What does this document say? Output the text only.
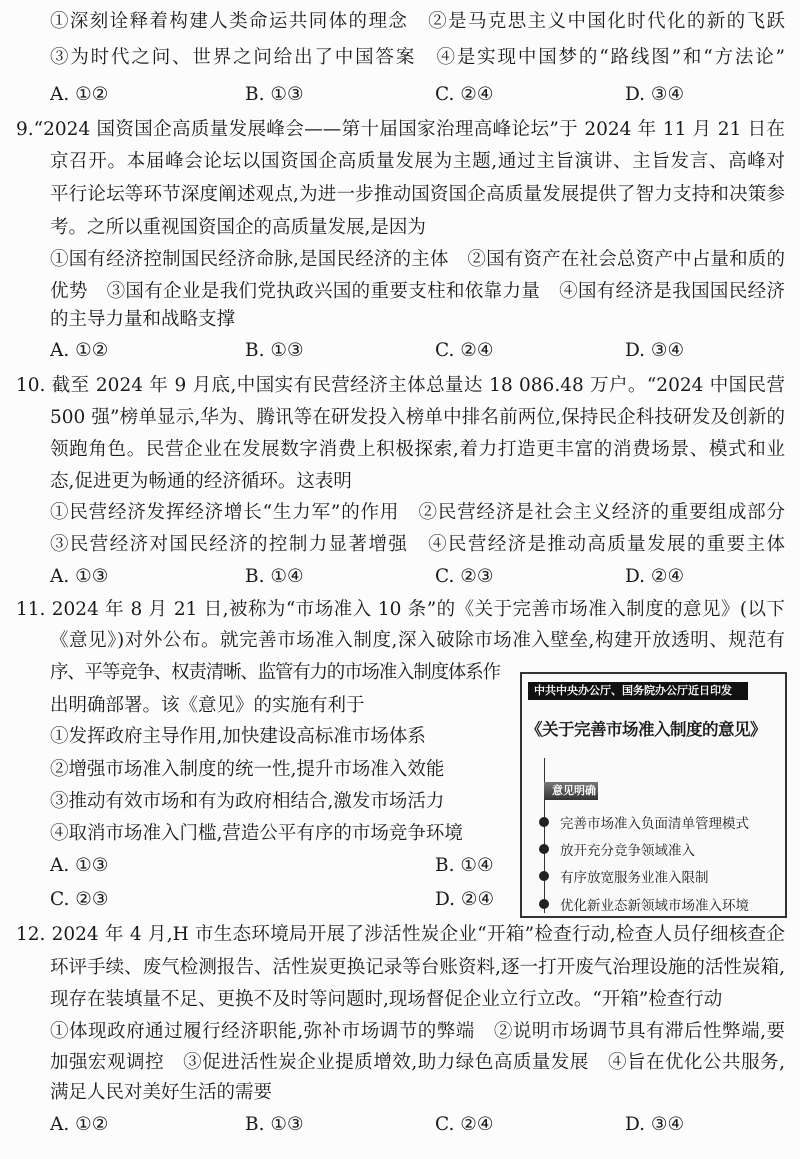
①深刻诠释着构建人类命运共同体的理念　②是马克思主义中国化时代化的新的飞跃
③为时代之问、世界之问给出了中国答案　④是实现中国梦的“路线图”和“方法论”
A. ①②	B. ①③	C. ②④	D. ③④
9.“2024 国资国企高质量发展峰会——第十届国家治理高峰论坛”于 2024 年 11 月 21 日在
京召开。本届峰会论坛以国资国企高质量发展为主题,通过主旨演讲、主旨发言、高峰对
平行论坛等环节深度阐述观点,为进一步推动国资国企高质量发展提供了智力支持和决策参
考。之所以重视国资国企的高质量发展,是因为
①国有经济控制国民经济命脉,是国民经济的主体　②国有资产在社会总资产中占量和质的
优势　③国有企业是我们党执政兴国的重要支柱和依靠力量　④国有经济是我国国民经济
的主导力量和战略支撑
A. ①②	B. ①③	C. ②④	D. ③④
10. 截至 2024 年 9 月底,中国实有民营经济主体总量达 18 086.48 万户。“2024 中国民营
500 强”榜单显示,华为、腾讯等在研发投入榜单中排名前两位,保持民企科技研发及创新的
领跑角色。民营企业在发展数字消费上积极探索,着力打造更丰富的消费场景、模式和业
态,促进更为畅通的经济循环。这表明
①民营经济发挥经济增长“生力军”的作用　②民营经济是社会主义经济的重要组成部分
③民营经济对国民经济的控制力显著增强　④民营经济是推动高质量发展的重要主体
A. ①③	B. ①④	C. ②③	D. ②④
11. 2024 年 8 月 21 日,被称为“市场准入 10 条”的《关于完善市场准入制度的意见》(以下
《意见》)对外公布。就完善市场准入制度,深入破除市场准入壁垒,构建开放透明、规范有
序、平等竞争、权责清晰、监管有力的市场准入制度体系作
出明确部署。该《意见》的实施有利于
①发挥政府主导作用,加快建设高标准市场体系
②增强市场准入制度的统一性,提升市场准入效能
③推动有效市场和有为政府相结合,激发市场活力
④取消市场准入门槛,营造公平有序的市场竞争环境
A. ①③	B. ①④
C. ②③	D. ②④
中共中央办公厅、国务院办公厅近日印发
《关于完善市场准入制度的意见》
意见明确
完善市场准入负面清单管理模式
放开充分竞争领域准入
有序放宽服务业准入限制
优化新业态新领域市场准入环境
12. 2024 年 4 月,H 市生态环境局开展了涉活性炭企业“开箱”检查行动,检查人员仔细核查企
环评手续、废气检测报告、活性炭更换记录等台账资料,逐一打开废气治理设施的活性炭箱,
现存在装填量不足、更换不及时等问题时,现场督促企业立行立改。“开箱”检查行动
①体现政府通过履行经济职能,弥补市场调节的弊端　②说明市场调节具有滞后性弊端,要
加强宏观调控　③促进活性炭企业提质增效,助力绿色高质量发展　④旨在优化公共服务,
满足人民对美好生活的需要
A. ①②	B. ①③	C. ②④	D. ③④
